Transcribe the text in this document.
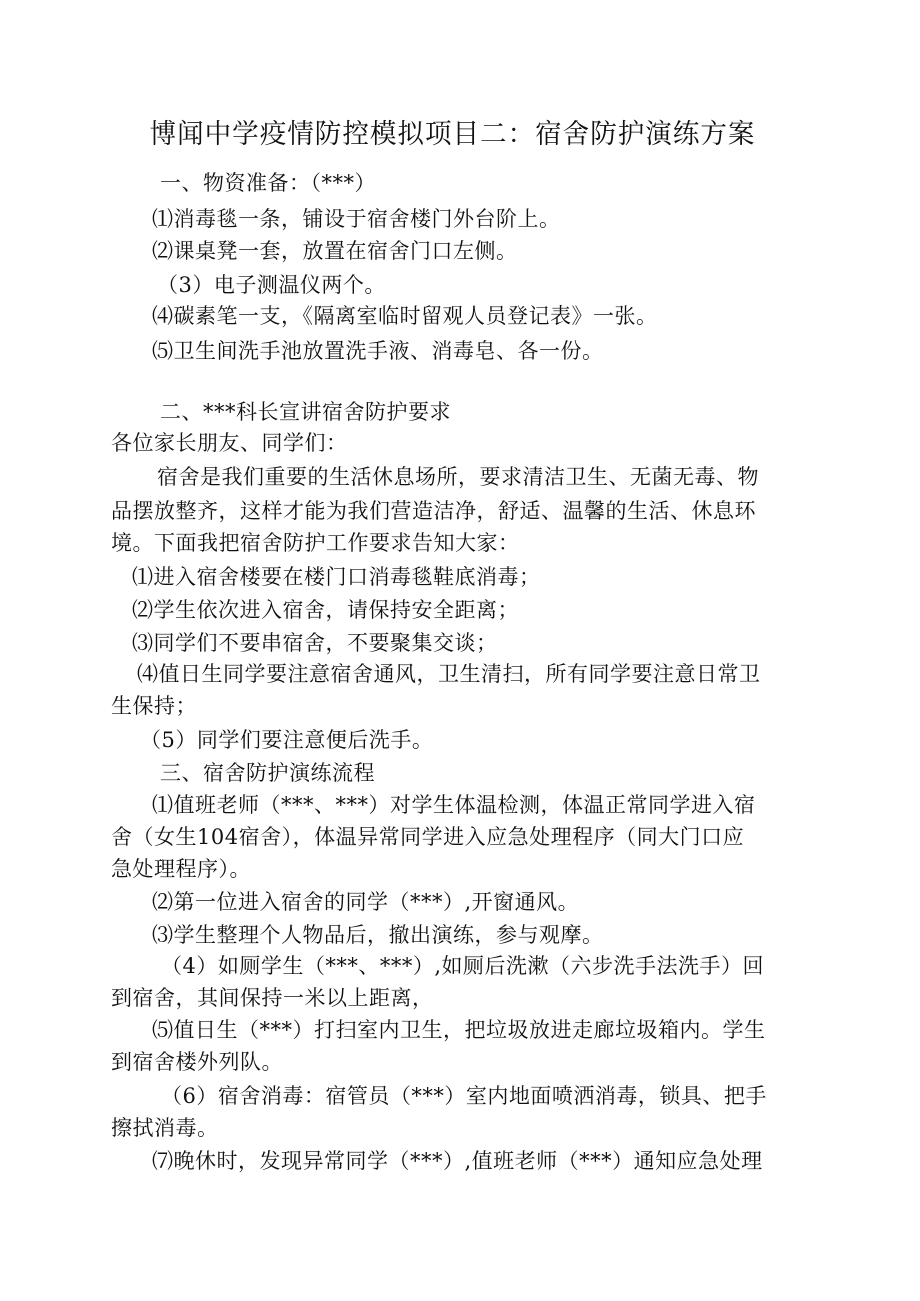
博闻中学疫情防控模拟项目二：宿舍防护演练方案
一、物资准备：（***）
⑴消毒毯一条，铺设于宿舍楼门外台阶上。
⑵课桌凳一套，放置在宿舍门口左侧。
（3）电子测温仪两个。
⑷碳素笔一支，《隔离室临时留观人员登记表》一张。
⑸卫生间洗手池放置洗手液、消毒皂、各一份。
二、***科长宣讲宿舍防护要求
各位家长朋友、同学们：
宿舍是我们重要的生活休息场所，要求清洁卫生、无菌无毒、物
品摆放整齐，这样才能为我们营造洁净，舒适、温馨的生活、休息环
境。下面我把宿舍防护工作要求告知大家：
⑴进入宿舍楼要在楼门口消毒毯鞋底消毒；
⑵学生依次进入宿舍，请保持安全距离；
⑶同学们不要串宿舍，不要聚集交谈；
⑷值日生同学要注意宿舍通风，卫生清扫，所有同学要注意日常卫
生保持；
（5）同学们要注意便后洗手。
三、宿舍防护演练流程
⑴值班老师（***、***）对学生体温检测，体温正常同学进入宿
舍（女生104宿舍），体温异常同学进入应急处理程序（同大门口应
急处理程序）。
⑵第一位进入宿舍的同学（***）,开窗通风。
⑶学生整理个人物品后，撤出演练，参与观摩。
（4）如厕学生（***、***）,如厕后洗漱（六步洗手法洗手）回
到宿舍，其间保持一米以上距离，
⑸值日生（***）打扫室内卫生，把垃圾放进走廊垃圾箱内。学生
到宿舍楼外列队。
（6）宿舍消毒：宿管员（***）室内地面喷洒消毒，锁具、把手
擦拭消毒。
⑺晚休时，发现异常同学（***）,值班老师（***）通知应急处理
